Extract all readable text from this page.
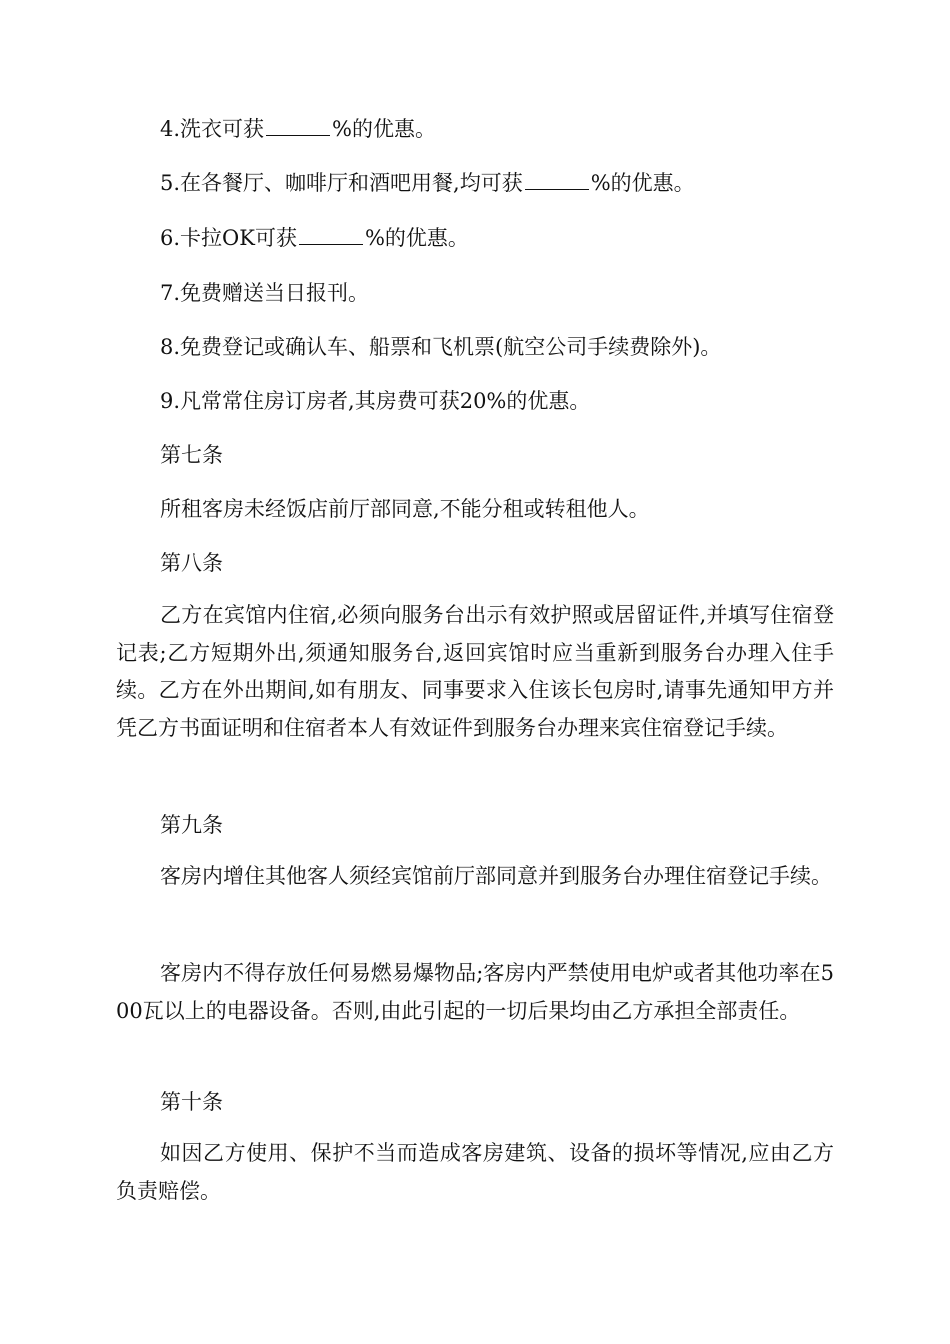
4.洗衣可获	%的优惠。

5.在各餐厅、咖啡厅和酒吧用餐,均可获	%的优惠。

6.卡拉OK可获	%的优惠。

7.免费赠送当日报刊。

8.免费登记或确认车、船票和飞机票(航空公司手续费除外)。

9.凡常常住房订房者,其房费可获20%的优惠。

第七条

所租客房未经饭店前厅部同意,不能分租或转租他人。

第八条

乙方在宾馆内住宿,必须向服务台出示有效护照或居留证件,并填写住宿登记表;乙方短期外出,须通知服务台,返回宾馆时应当重新到服务台办理入住手续。乙方在外出期间,如有朋友、同事要求入住该长包房时,请事先通知甲方并凭乙方书面证明和住宿者本人有效证件到服务台办理来宾住宿登记手续。

第九条

客房内增住其他客人须经宾馆前厅部同意并到服务台办理住宿登记手续。

客房内不得存放任何易燃易爆物品;客房内严禁使用电炉或者其他功率在500瓦以上的电器设备。否则,由此引起的一切后果均由乙方承担全部责任。

第十条

如因乙方使用、保护不当而造成客房建筑、设备的损坏等情况,应由乙方负责赔偿。
